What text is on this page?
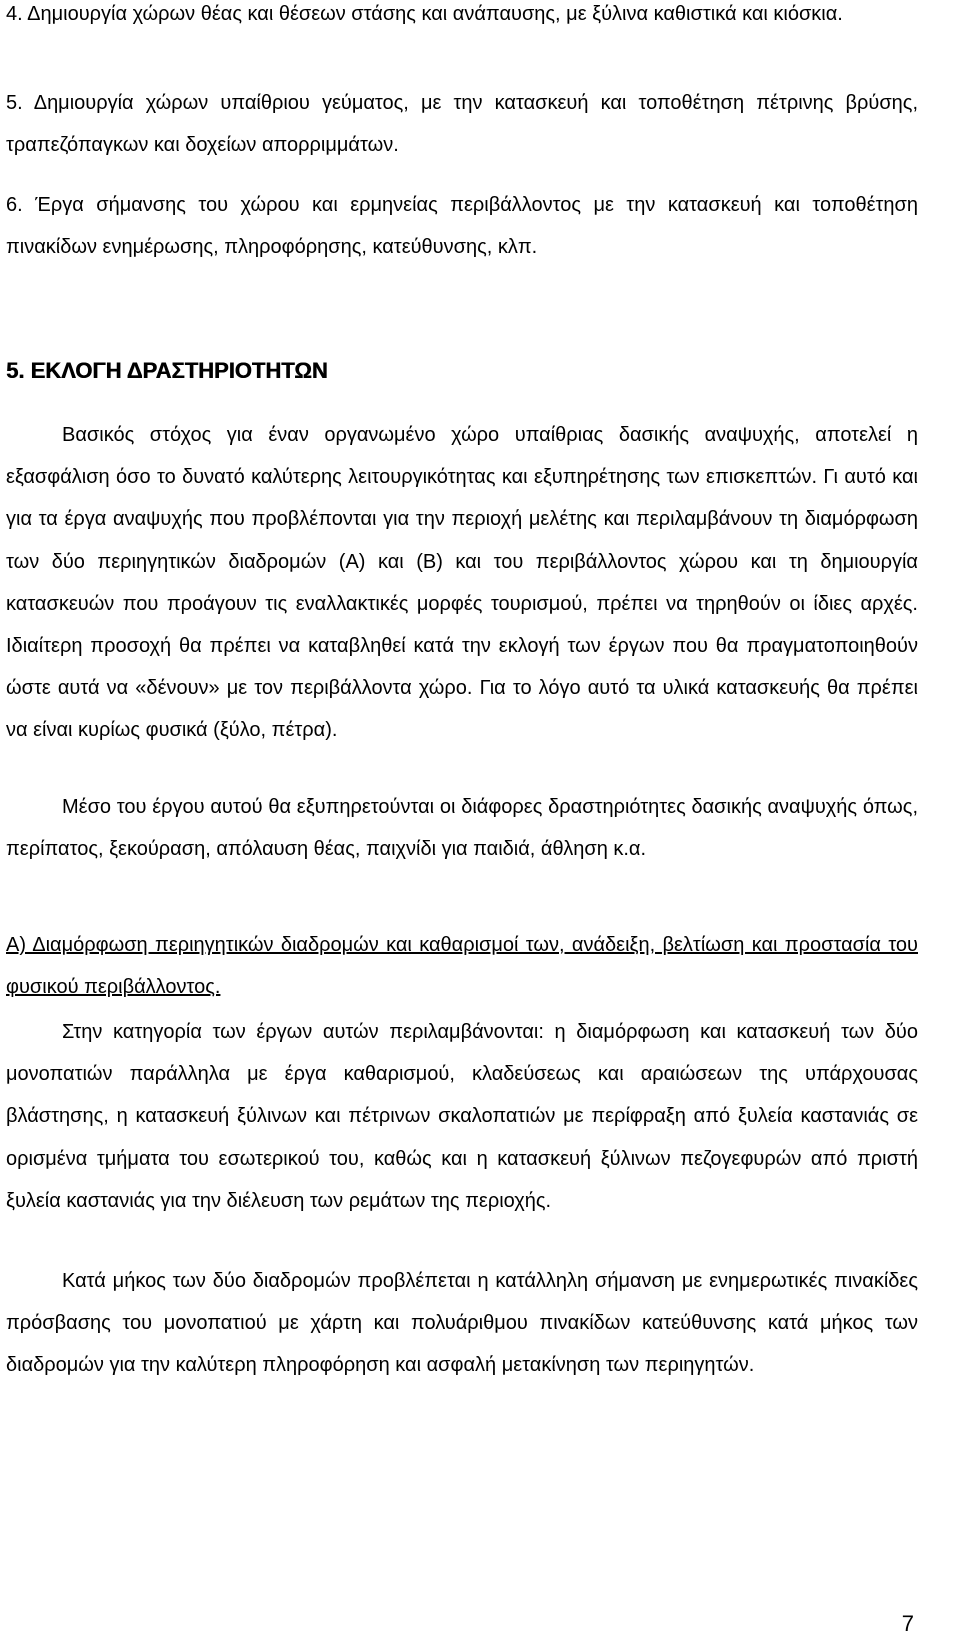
4. Δημιουργία χώρων θέας και θέσεων στάσης και ανάπαυσης, με ξύλινα καθιστικά και κιόσκια.

5. Δημιουργία χώρων υπαίθριου γεύματος, με την κατασκευή και τοποθέτηση πέτρινης βρύσης, τραπεζόπαγκων και δοχείων απορριμμάτων.

6. Έργα σήμανσης του χώρου και ερμηνείας περιβάλλοντος με την κατασκευή και τοποθέτηση πινακίδων ενημέρωσης, πληροφόρησης, κατεύθυνσης, κλπ.

5. ΕΚΛΟΓΗ ΔΡΑΣΤΗΡΙΟΤΗΤΩΝ

Βασικός στόχος για έναν οργανωμένο χώρο υπαίθριας δασικής αναψυχής, αποτελεί η εξασφάλιση όσο το δυνατό καλύτερης λειτουργικότητας και εξυπηρέτησης των επισκεπτών. Γι αυτό και για τα έργα αναψυχής που προβλέπονται για την περιοχή μελέτης και περιλαμβάνουν τη διαμόρφωση των δύο περιηγητικών διαδρομών (Α) και (Β) και του περιβάλλοντος χώρου και τη δημιουργία κατασκευών που προάγουν τις εναλλακτικές μορφές τουρισμού, πρέπει να τηρηθούν οι ίδιες αρχές. Ιδιαίτερη προσοχή θα πρέπει να καταβληθεί κατά την εκλογή των έργων που θα πραγματοποιηθούν ώστε αυτά να «δένουν» με τον περιβάλλοντα χώρο. Για το λόγο αυτό τα υλικά κατασκευής θα πρέπει να είναι κυρίως φυσικά (ξύλο, πέτρα).

Μέσο του έργου αυτού θα εξυπηρετούνται οι διάφορες δραστηριότητες δασικής αναψυχής όπως, περίπατος, ξεκούραση, απόλαυση θέας, παιχνίδι για παιδιά, άθληση κ.α.

Α) Διαμόρφωση περιηγητικών διαδρομών και καθαρισμοί των, ανάδειξη, βελτίωση και προστασία του φυσικού περιβάλλοντος.

Στην κατηγορία των έργων αυτών περιλαμβάνονται: η διαμόρφωση και κατασκευή των δύο μονοπατιών παράλληλα με έργα καθαρισμού, κλαδεύσεως και αραιώσεων της υπάρχουσας βλάστησης, η κατασκευή ξύλινων και πέτρινων σκαλοπατιών με περίφραξη από ξυλεία καστανιάς σε ορισμένα τμήματα του εσωτερικού του, καθώς και η κατασκευή ξύλινων πεζογεφυρών από πριστή ξυλεία καστανιάς για την διέλευση των ρεμάτων της περιοχής.

Κατά μήκος των δύο διαδρομών προβλέπεται η κατάλληλη σήμανση με ενημερωτικές πινακίδες πρόσβασης του μονοπατιού με χάρτη και πολυάριθμου πινακίδων κατεύθυνσης κατά μήκος των διαδρομών για την καλύτερη πληροφόρηση και ασφαλή μετακίνηση των περιηγητών.

7
